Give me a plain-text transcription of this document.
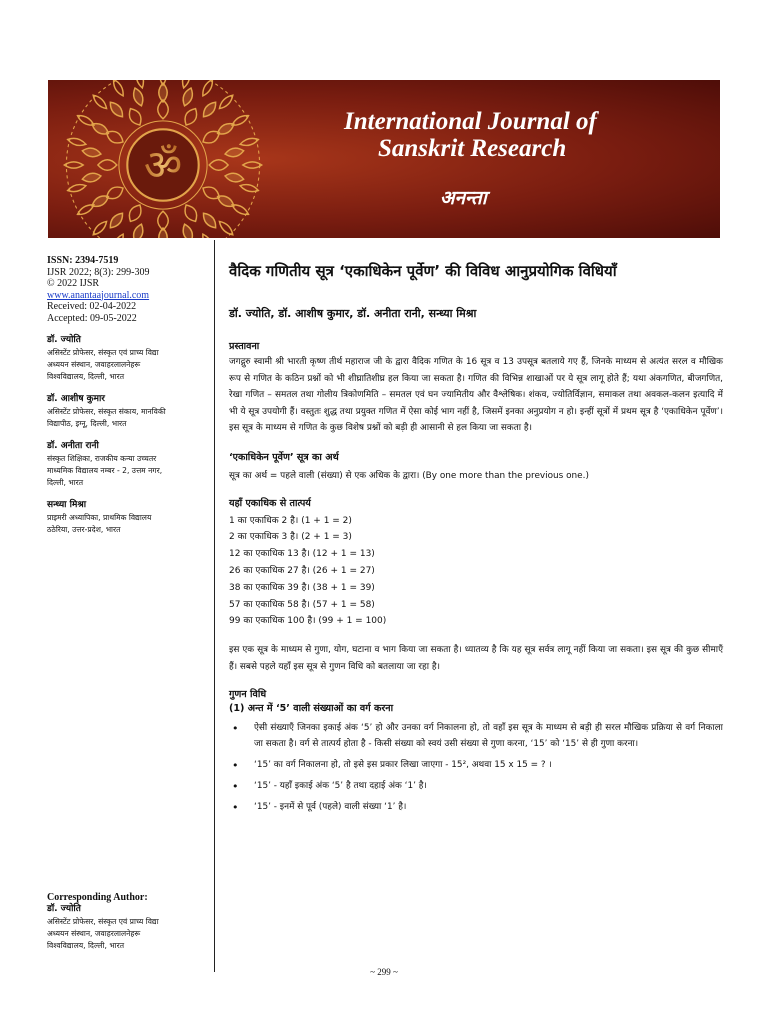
ॐ
International Journal of
Sanskrit Research
अनन्ता
ISSN: 2394-7519
IJSR 2022; 8(3): 299-309
© 2022 IJSR
www.anantaajournal.com
Received: 02-04-2022
Accepted: 09-05-2022
डॉ. ज्योति
असिस्टेंट प्रोफेसर, संस्कृत एवं प्राच्य विद्या
अध्ययन संस्थान, जवाहरलालनेहरू
विश्वविद्यालय, दिल्ली, भारत
डॉ. आशीष कुमार
असिस्टेंट प्रोफेसर, संस्कृत संकाय, मानविकी
विद्यापीठ, इग्नू, दिल्ली, भारत
डॉ. अनीता रानी
संस्कृत शिक्षिका, राजकीय कन्या उच्चतर
माध्यमिक विद्यालय नम्बर - 2, उत्तम नगर,
दिल्ली, भारत
सन्ध्या मिश्रा
प्राइमरी अध्यापिका, प्राथमिक विद्यालय
ठठेरिया, उत्तर-प्रदेश, भारत
Corresponding Author:
डॉ. ज्योति
असिस्टेंट प्रोफेसर, संस्कृत एवं प्राच्य विद्या
अध्ययन संस्थान, जवाहरलालनेहरू
विश्वविद्यालय, दिल्ली, भारत
वैदिक गणितीय सूत्र ‘एकाधिकेन पूर्वेण’ की विविध आनुप्रयोगिक विधियाँ
डॉ. ज्योति, डॉ. आशीष कुमार, डॉ. अनीता रानी, सन्ध्या मिश्रा
प्रस्तावना

जगद्गुरु स्वामी श्री भारती कृष्ण तीर्थ महाराज जी के द्वारा वैदिक गणित के 16 सूत्र व 13 उपसूत्र बतलाये गए हैं, जिनके माध्यम से अत्यंत सरल व मौखिक रूप से गणित के कठिन प्रश्नों को भी शीघ्रातिशीघ्र हल किया जा सकता है। गणित की विभिन्न शाखाओं पर ये सूत्र लागू होते हैं; यथा अंकगणित, बीजगणित, रेखा गणित – समतल तथा गोलीय त्रिकोणमिति – समतल एवं घन ज्यामितीय और वैश्लेषिक। शंकव, ज्योतिर्विज्ञान, समाकल तथा अवकल-कलन इत्यादि में भी ये सूत्र उपयोगी हैं। वस्तुतः शुद्ध तथा प्रयुक्त गणित में ऐसा कोई भाग नहीं है, जिसमें इनका अनुप्रयोग न हो। इन्हीं सूत्रों में प्रथम सूत्र है ‘एकाधिकेन पूर्वेण’। इस सूत्र के माध्यम से गणित के कुछ विशेष प्रश्नों को बड़ी ही आसानी से हल किया जा सकता है।

‘एकाधिकेन पूर्वेण’ सूत्र का अर्थ

सूत्र का अर्थ = पहले वाली (संख्या) से एक अधिक के द्वारा। (By one more than the previous one.)

यहाँ एकाधिक से तात्पर्य
1 का एकाधिक 2 है। (1 + 1 = 2)
2 का एकाधिक 3 है। (2 + 1 = 3)
12 का एकाधिक 13 है। (12 + 1 = 13)
26 का एकाधिक 27 है। (26 + 1 = 27)
38 का एकाधिक 39 है। (38 + 1 = 39)
57 का एकाधिक 58 है। (57 + 1 = 58)
99 का एकाधिक 100 है। (99 + 1 = 100)

इस एक सूत्र के माध्यम से गुणा, योग, घटाना व भाग किया जा सकता है। ध्यातव्य है कि यह सूत्र सर्वत्र लागू नहीं किया जा सकता। इस सूत्र की कुछ सीमाएँ हैं। सबसे पहले यहाँ इस सूत्र से गुणन विधि को बतलाया जा रहा है।

गुणन विधि
(1) अन्त में ‘5’ वाली संख्याओं का वर्ग करना
• ऐसी संख्याएँ जिनका इकाई अंक ‘5’ हो और उनका वर्ग निकालना हो, तो वहाँ इस सूत्र के माध्यम से बड़ी ही सरल मौखिक प्रक्रिया से वर्ग निकाला जा सकता है। वर्ग से तात्पर्य होता है - किसी संख्या को स्वयं उसी संख्या से गुणा करना, ‘15’ को ‘15’ से ही गुणा करना।
• ‘15’ का वर्ग निकालना हो, तो इसे इस प्रकार लिखा जाएगा - 15², अथवा 15 x 15 = ? ।
• ‘15’ - यहाँ इकाई अंक ‘5’ है तथा दहाई अंक ‘1’ है।
• ‘15’ - इनमें से पूर्व (पहले) वाली संख्या ‘1’ है।
~ 299 ~
